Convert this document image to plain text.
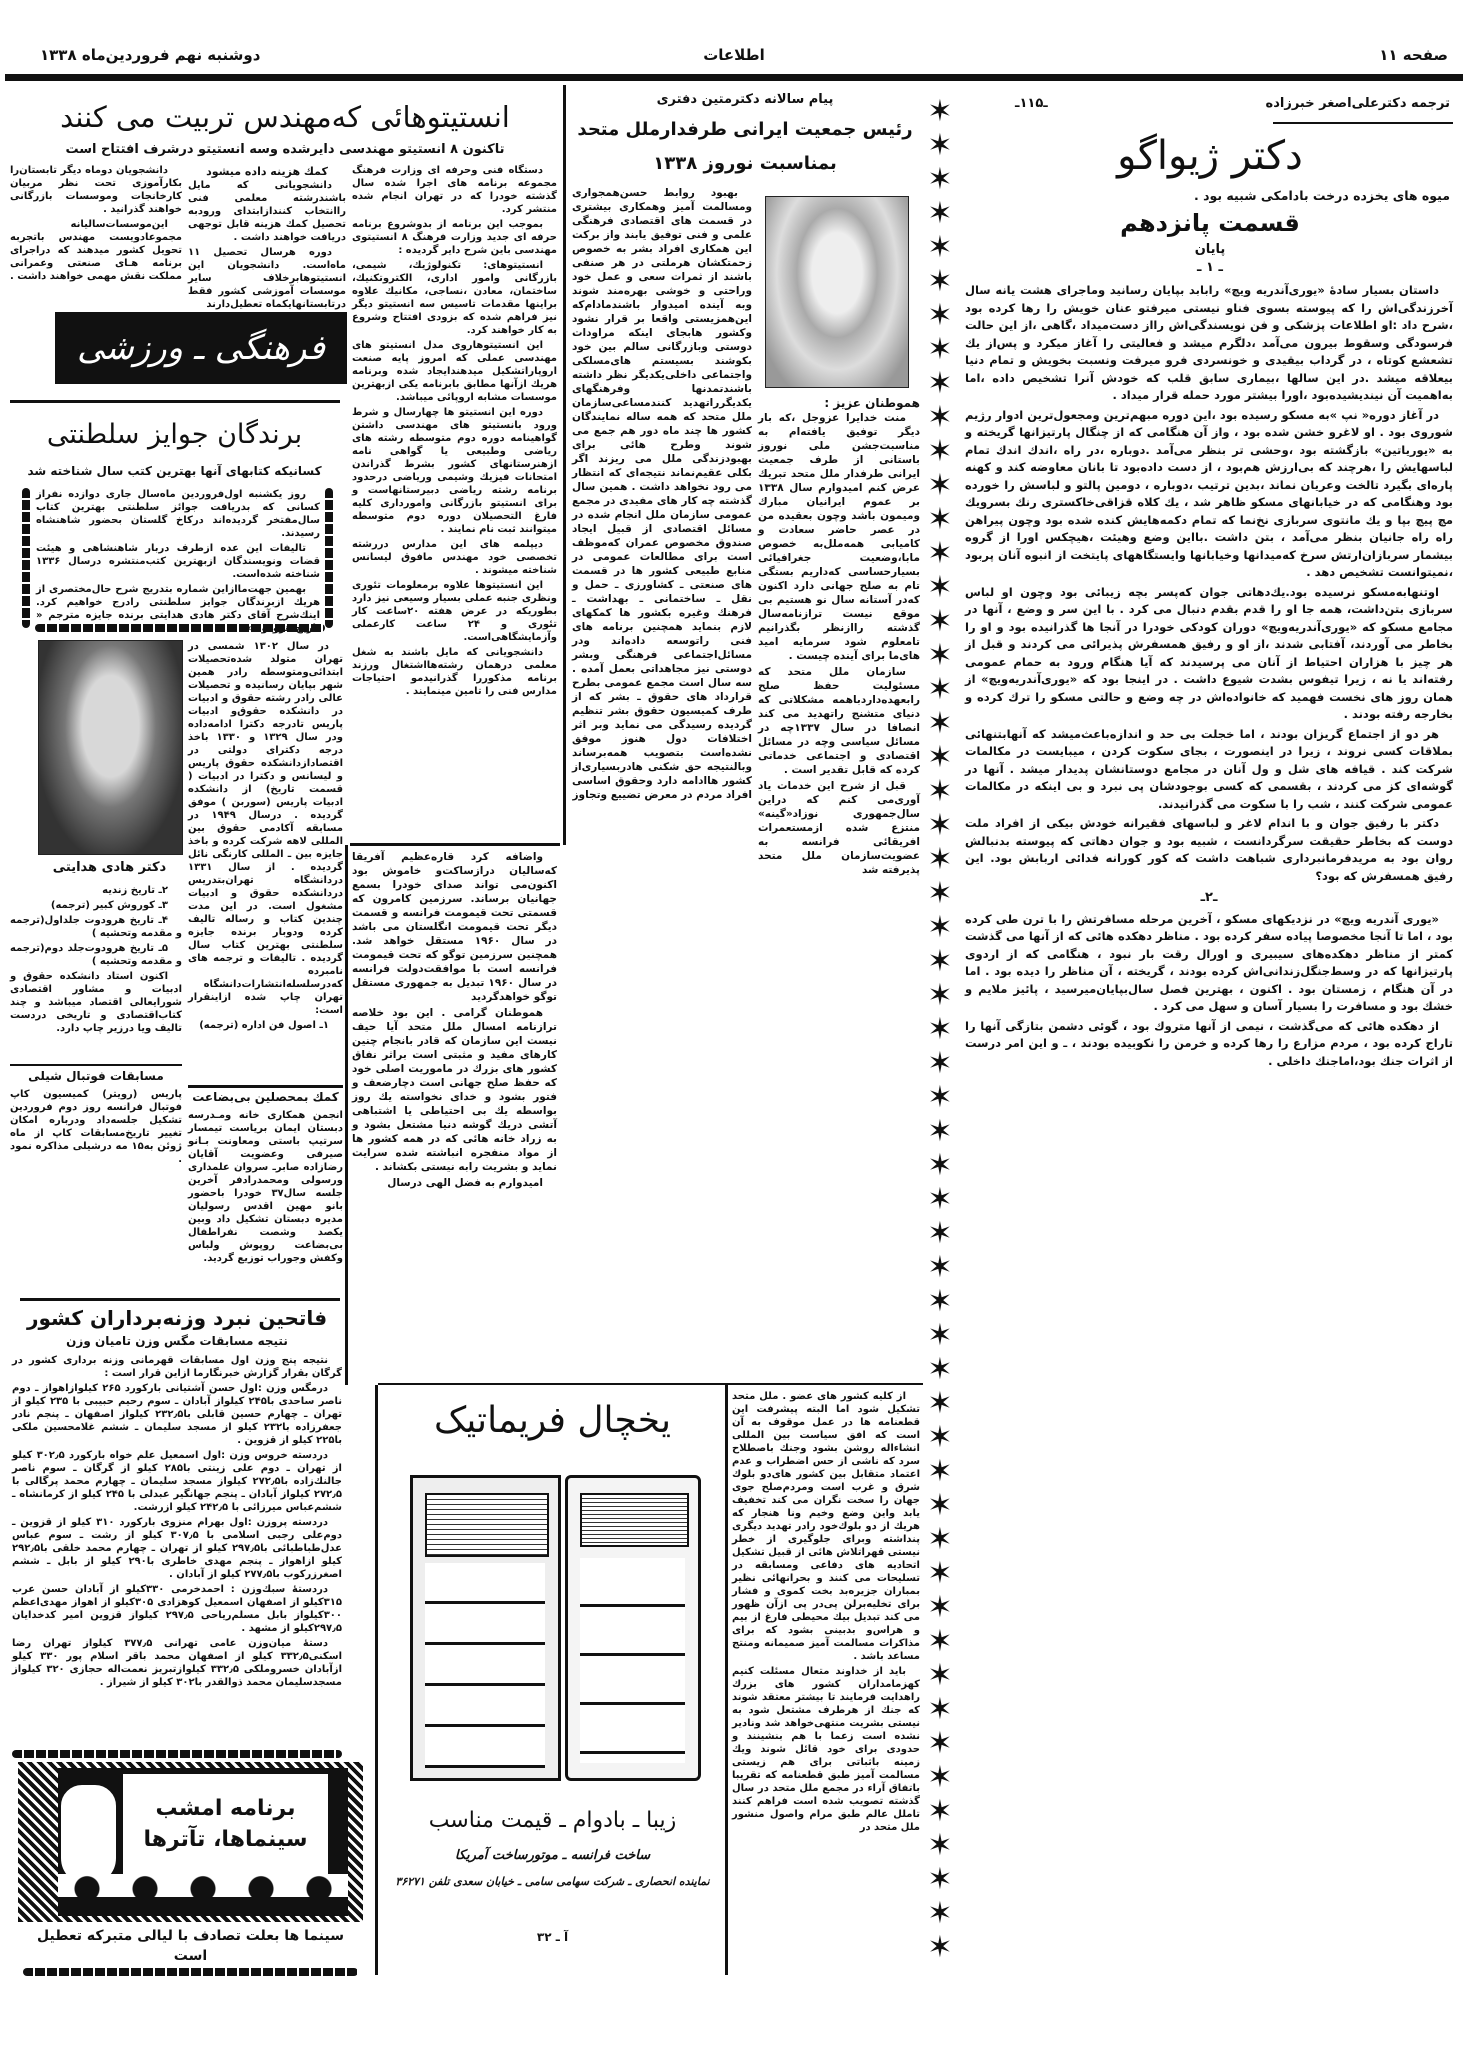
صفحه ۱۱
اطلاعات
دوشنبه نهم فروردین‌ماه ۱۳۳۸
انستیتوهائی که‌مهندس تربیت می کنند
تاکنون ۸ انستیتو مهندسی دایرشده وسه انستیتو درشرف افتتاح است

دستگاه فنی وحرفه ای وزارت فرهنگ مجموعه برنامه های اجرا شده سال گذشته خودرا که در تهران انجام شده منتشر کرد.

بموجب این برنامه از بدوشروع برنامه حرفه ای جدید وزارت فرهنگ ۸ انستیتوی مهندسی باین شرح دایر گردیده :

انستیتوهای: تکنولوژیك، شیمی، بازرگانی وامور اداری، الکتروتکنیك، ساختمان، معادن ،نساجی، مکانیك علاوه براینها مقدمات تاسیس سه انستیتو دیگر نیز فراهم شده که بزودی افتتاح وشروع به کار خواهند کرد.

این انستیتوهاروی مدل انستیتو های مهندسی عملی که امروز پایه صنعت اروپاراتشکیل میدهندایجاد شده وبرنامه هریك ازآنها مطابق بابرنامه یکی ازبهترین موسسات مشابه اروپائی میباشد.

دوره این انستیتو ها چهارسال و شرط ورود بانستیتو های مهندسی داشتن گواهینامه دوره دوم متوسطه رشته های ریاضی وطبیعی یا گواهی نامه ازهنرستانهای کشور بشرط گذراندن امتحانات فیزیك وشیمی وریاضی درحدود برنامه رشته ریاضی دبیرستانهاست و برای انستیتو بازرگانی وامورداری کلیه فارغ التحصیلان دوره دوم متوسطه میتوانند ثبت نام نمایند .

دیپلمه های این مدارس دررشته تخصصی خود مهندس مافوق لیسانس شناخته میشوند .

این انستیتوها علاوه برمعلومات تئوری ونظری جنبه عملی بسیار وسیعی نیز دارد بطوریکه در عرض هفته ۲۰ساعت کار تئوری و ۲۴ ساعت کارعملی وآزمایشگاهی‌است.

دانشجویانی که مایل باشند به شغل معلمی درهمان رشته‌هااشتغال ورزند برنامه مذکوررا گذرانیدمو احتیاجات مدارس فنی را تامین مینمایند .

کمك هزینه داده میشود

دانشجویانی که مایل باشندرشته معلمی فنی راانتخاب کنندازابتدای ورودبه تحصیل کمك هزینه قابل توجهی دریافت خواهند داشت .

دوره هرسال تحصیل ۱۱ ماه‌است. دانشجویان این انستیتوهابرخلاف سایر موسسات آموزشی کشور فقط درتابستانهایکماه تعطیل‌دارند

دانشجویان دوماه دیگر تابستان‌را بکارآموزی تحت نظر مربیان کارخانجات وموسسات بازرگانی خواهند گذرانید .

این‌موسسات‌سالیانه مجموعادویست مهندس باتجربه تحویل کشور میدهند که دراجرای برنامه هـای صنعتی وعمرانی مملکت نقش مهمی خواهند داشت .

فرهنگی ـ ورزشی
برندگان جوایز سلطنتی
کسانیکه کتابهای آنها بهترین کتب سال شناخته شد

روز یکشنبه اول‌فروردین ماه‌سال جاری دوازده نفراز کسانی که بدریافت جوائز سلطنتی بهترین کتاب سال‌مفتخر گردیده‌اند درکاخ گلستان بحضور شاهنشاه رسیدند.

تالیفات این عده ازطرف دربار شاهنشاهی و هیئت قضات ونویسندگان ازبهترین کتب‌منتشره درسال ۱۳۳۶ شناخته شده‌است.

بهمین جهت‌ماازاین شماره بتدریج شرح حال‌مختصری از هریك ازبرندگان جوایز سلطنتی رادرج خواهیم کرد. اینك‌شرح آقای دکتر هادی هدایتی برنده جایزه مترجم « تاریخ هرودوت».

دکتر هادی هدایتی

در سال ۱۳۰۲ شمسی در تهران متولد شده‌تحصیلات ابتدائی‌ومتوسطه رادر همین شهر بپایان رسانیده و تحصیلات عالی رادر رشته حقوق و ادبیات در دانشکده حقوق‌و ادبیات پاریس تادرجه دکترا ادامه‌داده ودر سال ۱۳۲۹ و ۱۳۳۰ باخذ درجه دکترای دولتی در اقتصادازدانشکده حقوق پاریس و لیسانس و دکترا در ادبیات ( قسمت تاریخ) از دانشکده ادبیات پاریس (سوربن ) موفق گردیده . درسال ۱۹۴۹ در مسابقه آکادمی حقوق بین المللی لاهه شرکت کرده و باخذ جایزه بین ـ المللی کارنگی نائل گردیده . از سال ۱۳۳۱ دردانشگاه تهران‌بتدریس دردانشکده حقوق و ادبیات مشغول است. در این مدت چندین کتاب و رساله تالیف کرده ودوبار برنده جایزه سلطنتی بهترین کتاب سال گردیده . تالیفات و ترجمه های نامبرده که‌درسلسله‌انتشارات‌دانشگاه تهران چاپ شده ازاینقرار است:

۱ـ اصول فن اداره (ترجمه)

۲ـ تاریخ زندیه

۳ـ کوروش کبیر (ترجمه)

۴ـ تاریخ هرودوت جلداول(ترجمه و مقدمه وتحشیه )

۵ـ تاریخ هرودوت‌جلد دوم(ترجمه و مقدمه وتحشیه )

اکنون استاد دانشکده حقوق و ادبیات و مشاور اقتصادی شورایعالی اقتصاد میباشد و چند کتاب‌اقتصادی و تاریخی دردست تالیف ویا درزیر چاپ دارد.

مسابقات فوتبال شیلی
پاریس (رویتر) کمیسیون کاپ فوتبال فرانسه روز دوم فروردین تشکیل جلسه‌داد ودرباره امکان تغییر تاریخ‌مسابقات کاپ از ماه ژوئن به۱۵ مه درشیلی مذاکره نمود .
کمك بمحصلین بی‌بضاعت
انجمن همکاری خانه ومـدرسه دبستان ایمان بریاست تیمسار سرتیپ باستی ومعاونت بـانو صیرفی وعضویت آقایان رضازاده صابرـ سروان علمداری ورسولی ومحمدرادفر آخرین جلسه سال۳۷ خودرا باحضور بانو مهین اقدس رسولیان مدیره دبستان تشکیل داد وبین یکصد وشصت نفراطفال بی‌بضاعت روپوش ولباس وکفش وجوراب توزیع گردید.
فاتحین نبرد وزنه‌برداران کشور
نتیجه مسابقات مگس وزن تامیان وزن

نتیجه پنج وزن اول مسابقات قهرمانی وزنه برداری کشور در گرگان بقرار گزارش خبرنگارما ازاین قرار است :

درمگس وزن :اول حسن آشتیانی بارکورد ۲۶۵ کیلوازاهواز ـ دوم ناصر ساحدی با۲۴۵ کیلواز آبادان ـ سوم رحیم حبیبی با ۲۳۵ کیلو از تهران ـ چهارم حسین قابلی با۲۳۲٫۵ کیلواز اصفهان ـ پنجم نادر جعفرزاده با۲۳۲ کیلو از مسجد سلیمان ـ ششم غلامحسین ملکی با۲۲۵ کیلو از قزوین .

دردسته خروس وزن :اول اسمعیل علم خواه بارکورد ۳۰۲٫۵ کیلو از تهران ـ دوم علی زینتی با۲۸۵ کیلو از گرگان ـ سوم ناصر جالنك‌زاده با۲۷۲٫۵ کیلواز مسجد سلیمان ـ چهارم محمد پرگالی با ۲۷۲٫۵ کیلواز آبادان ـ پنجم جهانگیر عبدلی با ۲۴۵ کیلو از کرمانشاه ـ ششم‌عباس میرزائی با ۲۴۲٫۵ کیلو ازرشت.

دردسته پروزن :اول بهرام منزوی بارکورد ۳۱۰ کیلو از قزوین ـ دوم‌علی رجبی اسلامی با ۳۰۷٫۵ کیلو از رشت ـ سوم عباس عدل‌طباطبائی با۲۹۷٫۵ کیلو از تهران ـ چهارم محمد خلقی با۲۹۲٫۵ کیلو ازاهواز ـ پنجم مهدی خاطری با۲۹۰ کیلو از بابل ـ ششم اصغرزرکوب با۲۷۷٫۵ کیلو از آبادان .

دردستهٔ سبك‌وزن : احمدخرمی ۳۳۰کیلو از آبادان حسن عرب ۳۱۵کیلو از اصفهان اسمعیل کوهزادی ۳۰۵کیلو از اهواز مهدی‌اعظم ۳۰۰کیلواز بابل مسلم‌ریاحی ۲۹۷٫۵ کیلواز قزوین امیر کدخدایان ۲۹۷٫۵کیلو از مشهد .

دستهٔ میان‌وزن عامی تهرانی ۳۷۷٫۵ کیلواز تهران رضا اسکنی۳۳۲٫۵ کیلو از اصفهان محمد باقر اسلام پور ۳۳۰ کیلو ازآبادان خسروملکی ۳۳۲٫۵ کیلوازتبریز نعمت‌اله حجازی ۳۲۰ کیلواز مسجدسلیمان محمد ذوالقدر با۳۰۲ کیلو از شیراز .

برنامه امشب
سینماها، تآترها
سینما ها بعلت تصادف با لیالی متبرکه تعطیل است
یخچال فریماتیک
زیبا ـ بادوام ـ قیمت مناسب
ساخت فرانسه ـ موتورساخت آمریکا
نماینده انحصاری ـ شرکت سهامی سامی ـ خیابان سعدی تلفن ۳۶۲۷۱
آ ـ ۳۲
پیام سالانه دکترمتین دفتری
رئیس جمعیت ایرانی طرفدارملل متحد
بمناسبت نوروز ۱۳۳۸

بهبود روابط حسن‌همجواری ومسالمت آمیز وهمکاری بیشتری در قسمت های اقتصادی فرهنگی علمی و فنی توفیق یابند واز برکت این همکاری افراد بشر به خصوص زحمتکشان هرملتی در هر صنفی باشند از ثمرات سعی و عمل خود وراحتی و خوشی بهره‌مند شوند وبه آینده امیدوار باشندمادام‌که این‌همزیستی واقعا بر قرار نشود وکشور هابجای اینکه مراودات دوستی وبازرگانی سالم بین خود بکوشند بسیستم های‌مسلکی واجتماعی داخلی‌یکدیگر نظر داشته باشندتمدنها وفرهنگهای یکدیگرراتهدید کنندمساعی‌سازمان ملل متحد که همه ساله نمایندگان کشور ها چند ماه دور هم جمع می شوند وطرح هائی برای بهبودزندگی ملل می ریزند اگر بکلی عقیم‌نماند نتیجه‌ای که انتظار می رود نخواهد داشت . همین سال گذشته چه کار های مفیدی در مجمع عمومی سازمان ملل انجام شده در مسائل اقتصادی از قبیل ایجاد صندوق مخصوص عمران که‌موظف است برای مطالعات عمومی در منابع طبیعی کشور ها در قسمت های صنعتی ـ کشاورزی ـ حمل و نقل ـ ساختمانی ـ بهداشت ـ فرهنك وغیره بکشور ها کمکهای لازم بنماید همچنین برنامه های فنی راتوسعه داده‌اند ودر مسائل‌اجتماعی فرهنگی وبشر دوستی نیز مجاهداتی بعمل آمده . سه سال است مجمع عمومی بطرح قرارداد های حقوق ـ بشر که از طرف کمیسیون حقوق بشر تنظیم گردیده رسیدگی می نماید وبر اثر اختلافات دول هنوز موفق نشده‌است بتصویب همه‌برساند وبالنتیجه حق شکنی هادربسیاری‌از کشور هاادامه دارد وحقوق اساسی افراد مردم در معرض تضییع وتجاوز

هموطنان عزیز :

منت خدایرا عزوجل ،که بار دیگر توفیق یافته‌ام به مناسبت‌جشن ملی نوروز باستانی از طرف جمعیت ایرانی طرفدار ملل متحد تبریك عرض کنم امیدوارم سال ۱۳۳۸ بر عموم ایرانیان مبارك ومیمون باشد وچون بعقیده من در عصر حاضر سعادت و کامیابی همه‌ملل‌به خصوص مابا،وضعیت جغرافیائی بسیارحساسی که‌داریم بستگی تام به صلح جهانی دارد اکنون که‌در آستانه سال نو هستیم بی موقع نیست ترازنامه‌سال گذشته راازنظر بگذرانیم تامعلوم شود سرمایه امید های‌ما برای آینده چیست .

سازمان ملل متحد که مسئولیت حفظ صلح رابعهده‌داردباهمه مشکلاتی که دنیای متشنج راتهدید می کند انصافا در سال ۱۳۳۷چه در مسائل سیاسی وچه در مسائل اقتصادی و اجتماعی خدماتی کرده که قابل تقدیر است .

قبل از شرح این خدمات یاد آوری‌می کنم که دراین سال‌جمهوری نوزاد«گینه» منتزع شده ازمستعمرات افریقائی فرانسه به عضویت‌سازمان ملل متحد پذیرفته شد

واضافه کرد قاره‌عظیم آفریقا که‌سالیان درازساکت‌و خاموش بود اکنون‌می تواند صدای خودرا بسمع جهانیان برساند. سرزمین کامرون که قسمتی تحت قیمومت فرانسه و قسمت دیگر تحت قیمومت انگلستان می باشد در سال ۱۹۶۰ مستقل خواهد شد. همچنین سرزمین توگو که تحت قیمومت فرانسه است با موافقت‌دولت فرانسه در سال ۱۹۶۰ تبدیل به جمهوری مستقل توگو خواهدگردید

هموطنان گرامی . این بود خلاصه ترازنامه امسال ملل متحد آیا حیف نیست این سازمان که قادر بانجام چنین کارهای مفید و مثبتی است براثر نفاق کشور های بزرك در ماموریت اصلی خود که حفظ صلح جهانی است دچارضعف و فتور بشود و خدای نخواسته یك روز بواسطه یك بی احتیاطی یا اشتباهی آتشی دریك گوشه دنیا مشتعل بشود و به زراد خانه هائی که در همه کشور ها از مواد منفجره انباشته شده سرایت نماید و بشریت رابه نیستی بکشاند .

امیدوارم به فضل الهی درسال

از کلیه کشور های عضو . ملل متحد تشکیل شود اما البته پیشرفت این قطعنامه ها در عمل موقوف به آن است که افق سیاست بین المللی انشاءاله روشن بشود وجنك باصطلاح سرد که ناشی از حس اضطراب و عدم اعتماد متقابل بین کشور های‌دو بلوك شرق و غرب است ومردم‌صلح جوی جهان را سخت نگران می کند تخفیف یابد واین وضع وخیم ونا هنجار که هریك از دو بلوك‌خود رادر تهدید دیگری پنداشته وبرای جلوگیری از خطر نیستی قهراتلاش هائی از قبیل تشکیل اتحادیه های دفاعی ومسابقه در تسلیحات می کنند و بحرانهائی نظیر بمباران جزیره‌بد بخت کموی و فشار برای تخلیه‌برلن پی‌در پی ازآن ظهور می کند تبدیل بیك محیطی فارغ از بیم و هراس‌و بدبینی بشود که برای مذاکرات مسالمت آمیز صمیمانه ومنتج مساعد باشد .

باید از خداوند متعال مسئلت کنیم کهزمامداران کشور های بزرك راهدایت فرمایند تا بیشتر معتقد شوند که جنك از هرطرف مشتعل شود به نیستی بشریت منتهی‌خواهد شد ونادیر نشده است زعما با هم بنشینند و حدودی برای خود قائل شوند ویك زمینه باثباتی برای هم زیستی مسالمت آمیز طبق قطعنامه که تقریبا باتفاق آراء در مجمع ملل متحد در سال گذشته تصویب شده است فراهم کنند تاملل عالم طبق مرام واصول منشور ملل متحد در

✶
✶
✶
✶
✶
✶
✶
✶
✶
✶
✶
✶
✶
✶
✶
✶
✶
✶
✶
✶
✶
✶
✶
✶
✶
✶
✶
✶
✶
✶
✶
✶
✶
✶
✶
✶
✶
✶
✶
✶
✶
✶
✶
✶
✶
✶
✶
✶
✶
✶
✶
✶
✶
✶
✶
ترجمه دکترعلی‌اصغر خبرزاده
ـ۱۱۵ـ
دکتر ژیواگو
میوه های یخزده درخت بادامکی شبیه بود .
قسمت پانزدهم
پایان
ـ ۱ ـ

داستان بسیار سادهٔ «یوری‌آندریه ویچ» رابابد بپایان رسانید وماجرای هشت یانه سال آخرزندگی‌اش را که پیوسته بسوی فناو نیستی میرفتو عنان خویش را رها کرده بود ،شرح داد :او اطلاعات پزشکی و فن نویسندگی‌اش رااز دست‌میداد ،گاهی ،از این حالت فرسودگی وسقوط بیرون می‌آمد ،دلگرم میشد و فعالیتی را آغاز میکرد و پس‌از یك تشعشع کوتاه ، در گرداب بیقیدی و خونسردی فرو میرفت ونسبت بخویش و تمام دنیا بیعلاقه میشد .در این سالها ،بیماری سابق قلب که خودش آنرا تشخیص داده ،اما به‌اهمیت آن نیندیشیده‌بود ،اورا بیشتر مورد حمله قرار میداد .

در آغاز دوره« نپ »به مسکو رسیده بود ،این دوره مبهم‌ترین ومجعول‌ترین ادوار رژیم شوروی بود . او لاغرو خشن شده بود ، واز آن هنگامی که از چنگال پارتیزانها گریخته و به «یوریاتین» بازگشته بود ،وحشی تر بنظر می‌آمد .دوباره ،در راه ،اندك اندك تمام لباسهایش را ،هرچند که بی‌ارزش هم‌بود ، از دست داده‌بود تا بانان معاوضه کند و کهنه پاره‌ای بگیرد تالخت وعریان نماند ،بدین ترتیب ،دوباره ، دومین پالتو و لباسش را خورده بود وهنگامی که در خیابانهای مسکو ظاهر شد ، یك کلاه قزاقی‌خاکستری رنك بسرویك مچ پیچ بپا و یك مانتوی سربازی نخ‌نما که تمام دکمه‌هایش کنده شده بود وچون پیراهن راه راه جانیان بنظر می‌آمد ، بتن داشت .بااین وضع وهیئت ،هیچکس اورا از گروه بیشمار سربازان‌ارتش سرخ که‌میدانها وخیابانها وایستگاههای پایتخت از انبوه آنان پربود ،نمیتوانست تشخیص دهد .

اوتنهابه‌مسکو نرسیده بود.یك‌دهاتی جوان که‌پسر بچه زیبائی بود وچون او لباس سربازی بتن‌داشت، همه جا او را قدم بقدم دنبال می کرد . با این سر و وضع ، آنها در مجامع مسکو که «یوری‌آندریه‌ویچ» دوران کودکی خودرا در آنجا ها گذرانیده بود و او را بخاطر می آوردند، آفتابی شدند ،از او و رفیق همسفرش پذیرائی می کردند و قبل از هر چیز با هزاران احتیاط از آنان می پرسیدند که آیا هنگام ورود به حمام عمومی رفته‌اند یا نه ، زیرا تیفوس بشدت شیوع داشت . در اینجا بود که «یوری‌آندریه‌ویچ» از همان روز های نخست فهمید که خانواده‌اش در چه وضع و حالتی مسکو را ترك کرده و بخارجه رفته بودند .

هر دو از اجتماع گریزان بودند ، اما خجلت بی حد و اندازه‌باعث‌میشد که آنهابتنهائی بملاقات کسی نروند ، زیرا در اینصورت ، بجای سکوت کردن ، میبایست در مکالمات شرکت کند . قیافه های شل و ول آنان در مجامع دوستانشان پدیدار میشد . آنها در گوشه‌ای کز می کردند ، بقسمی که کسی بوجودشان پی نبرد و بی اینکه در مکالمات عمومی شرکت کنند ، شب را با سکوت می گذرانیدند.

دکتر با رفیق جوان و با اندام لاغر و لباسهای فقیرانه خودش بیکی از افراد ملت دوست که بخاطر حقیقت سرگردانست ، شبیه بود و جوان دهاتی که پیوسته بدنبالش روان بود به مریدفرمانبرداری شباهت داشت که کور کورانه فدائی اربابش بود. این رفیق همسفرش که بود؟

ـ۲ـ

«یوری آندریه ویچ» در نزدیکهای مسکو ، آخرین مرحله مسافرتش را با ترن طی کرده بود ، اما تا آنجا مخصوصا پیاده سفر کرده بود . مناظر دهکده هائی که از آنها می گذشت کمتر از مناظر دهکده‌های سیبیری و اورال رقت بار نبود ، هنگامی که از اردوی پارتیزانها که در وسط‌جنگل‌زندانی‌اش کرده بودند ، گریخته ، آن مناظر را دیده بود . اما در آن هنگام ، زمستان بود . اکنون ، بهترین فصل سال‌بپایان‌میرسید ، پائیز ملایم و خشك بود و مسافرت را بسیار آسان و سهل می کرد .

از دهکده هائی که می‌گذشت ، نیمی از آنها متروك بود ، گوئی دشمن بتازگی آنها را تاراج کرده بود ، مردم مزارع را رها کرده و خرمن را نکوبیده بودند ، ـ و این امر درست از اثرات جنك بود،اماجنك داخلی .
